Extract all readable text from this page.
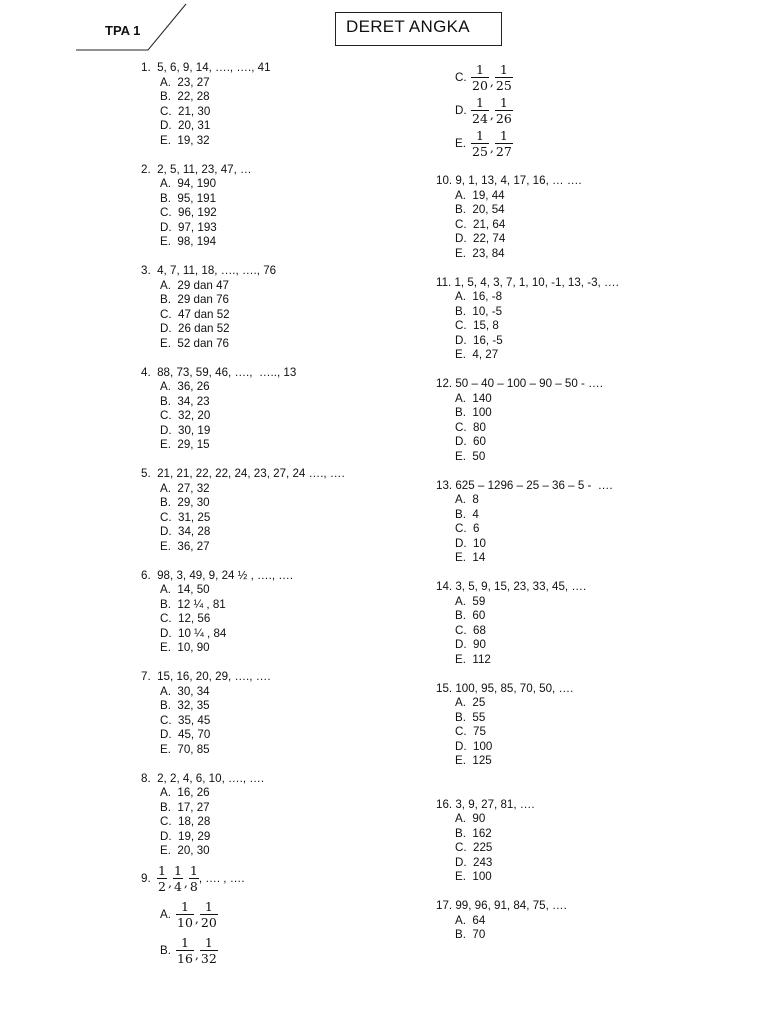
TPA 1	DERET ANGKA
1.  5, 6, 9, 14, …., …., 41
A.  23, 27
B.  22, 28
C.  21, 30
D.  20, 31
E.  19, 32
2.  2, 5, 11, 23, 47, …
A.  94, 190
B.  95, 191
C.  96, 192
D.  97, 193
E.  98, 194
3.  4, 7, 11, 18, …., …., 76
A.  29 dan 47
B.  29 dan 76
C.  47 dan 52
D.  26 dan 52
E.  52 dan 76
4.  88, 73, 59, 46, ….,  ….., 13
A.  36, 26
B.  34, 23
C.  32, 20
D.  30, 19
E.  29, 15
5.  21, 21, 22, 22, 24, 23, 27, 24 …., ….
A.  27, 32
B.  29, 30
C.  31, 25
D.  34, 28
E.  36, 27
6.  98, 3, 49, 9, 24 ½ , …., ….
A.  14, 50
B.  12 ¼ , 81
C.  12, 56
D.  10 ¼ , 84
E.  10, 90
7.  15, 16, 20, 29, …., ….
A.  30, 34
B.  32, 35
C.  35, 45
D.  45, 70
E.  70, 85
8.  2, 2, 4, 6, 10, …., ….
A.  16, 26
B.  17, 27
C.  18, 28
D.  19, 29
E.  20, 30
9. $\frac{1}{2}$ , $\frac{1}{4}$ , $\frac{1}{8}$ , …. , ….
A. $\frac{1}{10}$ , $\frac{1}{20}$
B. $\frac{1}{16}$ , $\frac{1}{32}$
C. $\frac{1}{20}$ , $\frac{1}{25}$
D. $\frac{1}{24}$ , $\frac{1}{26}$
E. $\frac{1}{25}$ , $\frac{1}{27}$
10. 9, 1, 13, 4, 17, 16, … ….
A.  19, 44
B.  20, 54
C.  21, 64
D.  22, 74
E.  23, 84
11. 1, 5, 4, 3, 7, 1, 10, -1, 13, -3, ….
A.  16, -8
B.  10, -5
C.  15, 8
D.  16, -5
E.  4, 27
12. 50 – 40 – 100 – 90 – 50 - ….
A.  140
B.  100
C.  80
D.  60
E.  50
13. 625 – 1296 – 25 – 36 – 5 -  ….
A.  8
B.  4
C.  6
D.  10
E.  14
14. 3, 5, 9, 15, 23, 33, 45, ….
A.  59
B.  60
C.  68
D.  90
E.  112
15. 100, 95, 85, 70, 50, ….
A.  25
B.  55
C.  75
D.  100
E.  125
16. 3, 9, 27, 81, ….
A.  90
B.  162
C.  225
D.  243
E.  100
17. 99, 96, 91, 84, 75, ….
A.  64
B.  70
